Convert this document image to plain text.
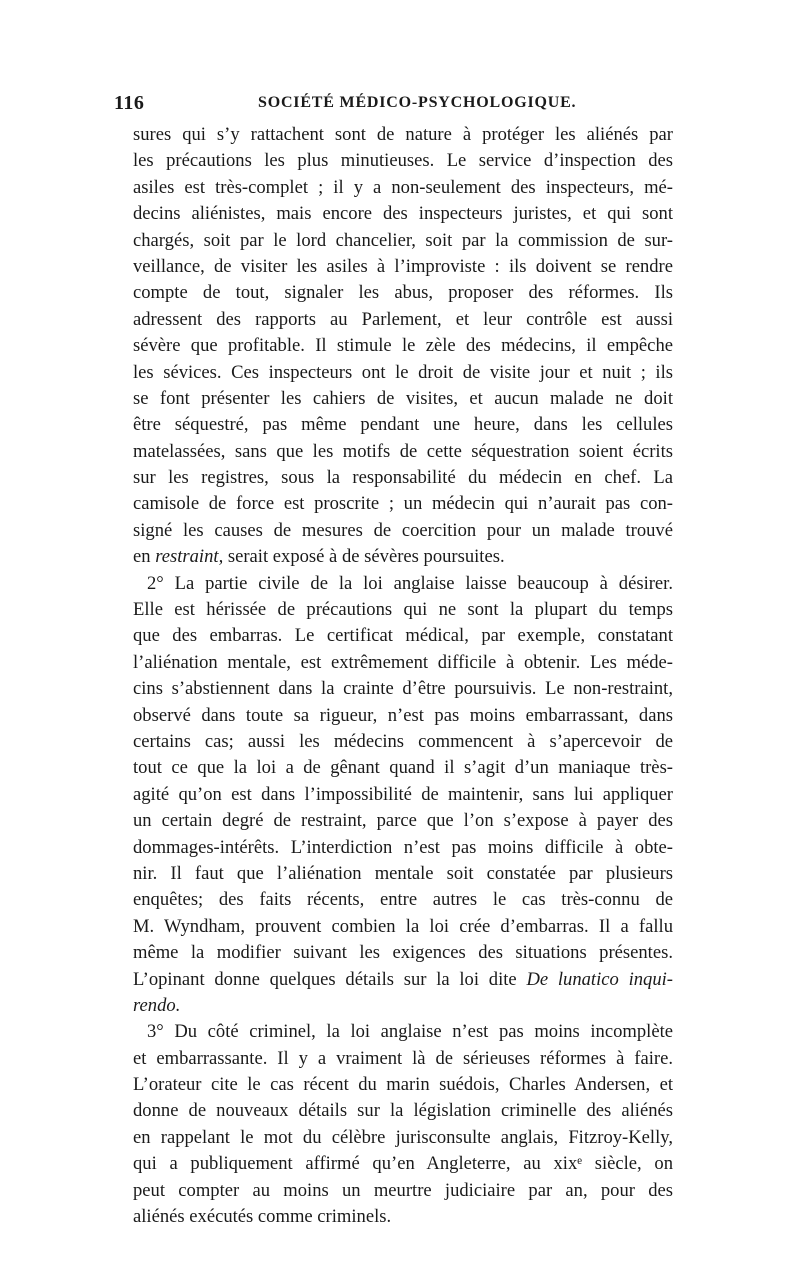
116	SOCIÉTÉ MÉDICO-PSYCHOLOGIQUE.
sures qui s’y rattachent sont de nature à protéger les aliénés par
les précautions les plus minutieuses. Le service d’inspection des
asiles est très-complet ; il y a non-seulement des inspecteurs, mé-
decins aliénistes, mais encore des inspecteurs juristes, et qui sont
chargés, soit par le lord chancelier, soit par la commission de sur-
veillance, de visiter les asiles à l’improviste : ils doivent se rendre
compte de tout, signaler les abus, proposer des réformes. Ils
adressent des rapports au Parlement, et leur contrôle est aussi
sévère que profitable. Il stimule le zèle des médecins, il empêche
les sévices. Ces inspecteurs ont le droit de visite jour et nuit ; ils
se font présenter les cahiers de visites, et aucun malade ne doit
être séquestré, pas même pendant une heure, dans les cellules
matelassées, sans que les motifs de cette séquestration soient écrits
sur les registres, sous la responsabilité du médecin en chef. La
camisole de force est proscrite ; un médecin qui n’aurait pas con-
signé les causes de mesures de coercition pour un malade trouvé
en restraint, serait exposé à de sévères poursuites.
2° La partie civile de la loi anglaise laisse beaucoup à désirer.
Elle est hérissée de précautions qui ne sont la plupart du temps
que des embarras. Le certificat médical, par exemple, constatant
l’aliénation mentale, est extrêmement difficile à obtenir. Les méde-
cins s’abstiennent dans la crainte d’être poursuivis. Le non-restraint,
observé dans toute sa rigueur, n’est pas moins embarrassant, dans
certains cas; aussi les médecins commencent à s’apercevoir de
tout ce que la loi a de gênant quand il s’agit d’un maniaque très-
agité qu’on est dans l’impossibilité de maintenir, sans lui appliquer
un certain degré de restraint, parce que l’on s’expose à payer des
dommages-intérêts. L’interdiction n’est pas moins difficile à obte-
nir. Il faut que l’aliénation mentale soit constatée par plusieurs
enquêtes; des faits récents, entre autres le cas très-connu de
M. Wyndham, prouvent combien la loi crée d’embarras. Il a fallu
même la modifier suivant les exigences des situations présentes.
L’opinant donne quelques détails sur la loi dite De lunatico inqui-
rendo.
3° Du côté criminel, la loi anglaise n’est pas moins incomplète
et embarrassante. Il y a vraiment là de sérieuses réformes à faire.
L’orateur cite le cas récent du marin suédois, Charles Andersen, et
donne de nouveaux détails sur la législation criminelle des aliénés
en rappelant le mot du célèbre jurisconsulte anglais, Fitzroy-Kelly,
qui a publiquement affirmé qu’en Angleterre, au xixᵉ siècle, on
peut compter au moins un meurtre judiciaire par an, pour des
aliénés exécutés comme criminels.
